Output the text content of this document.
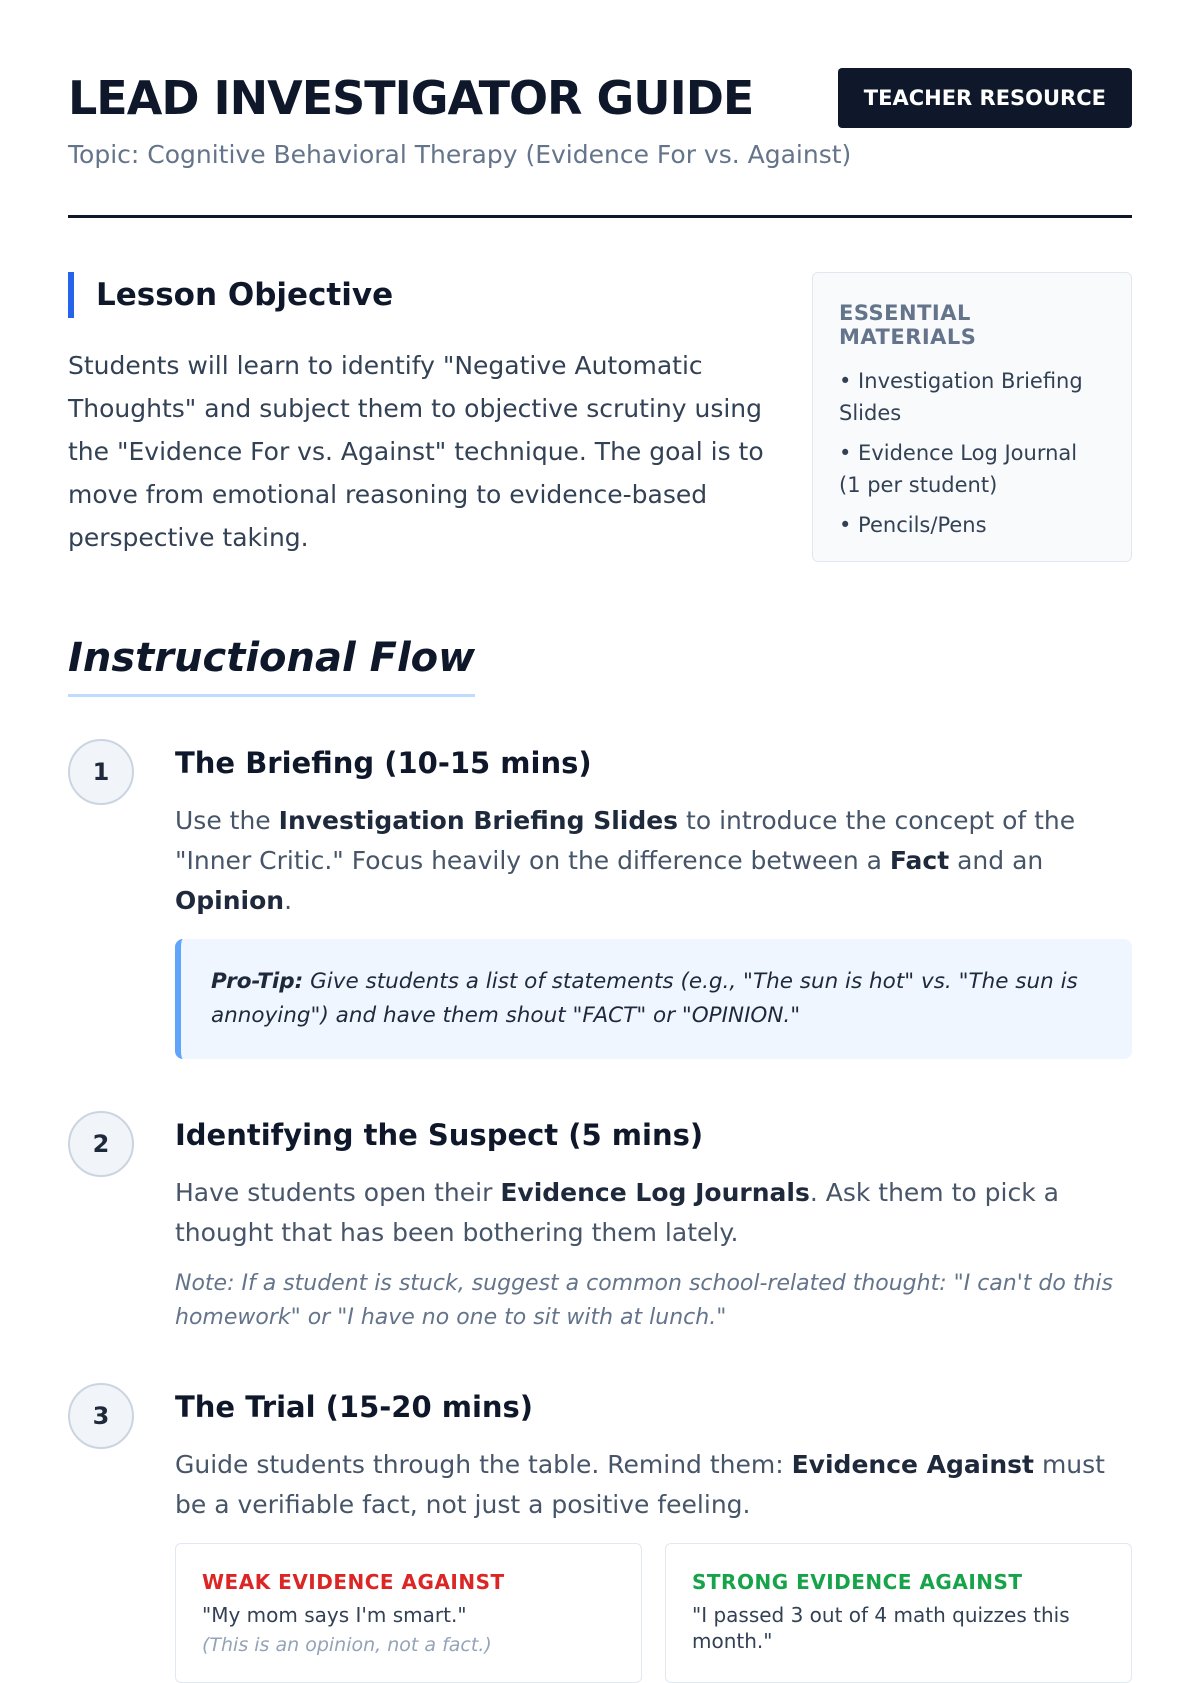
LEAD INVESTIGATOR GUIDE
Topic: Cognitive Behavioral Therapy (Evidence For vs. Against)
TEACHER RESOURCE
Lesson Objective

Students will learn to identify "Negative Automatic Thoughts" and subject them to objective scrutiny using the "Evidence For vs. Against" technique. The goal is to move from emotional reasoning to evidence-based perspective taking.

ESSENTIAL MATERIALS
• Investigation Briefing Slides
• Evidence Log Journal (1 per student)
• Pencils/Pens
Instructional Flow
1	The Briefing (10-15 mins)

Use the Investigation Briefing Slides to introduce the concept of the "Inner Critic." Focus heavily on the difference between a Fact and an Opinion.

Pro-Tip: Give students a list of statements (e.g., "The sun is hot" vs. "The sun is annoying") and have them shout "FACT" or "OPINION."
2	Identifying the Suspect (5 mins)

Have students open their Evidence Log Journals. Ask them to pick a thought that has been bothering them lately.

Note: If a student is stuck, suggest a common school-related thought: "I can't do this homework" or "I have no one to sit with at lunch."

3	The Trial (15-20 mins)

Guide students through the table. Remind them: Evidence Against must be a verifiable fact, not just a positive feeling.

WEAK EVIDENCE AGAINST
"My mom says I'm smart."
(This is an opinion, not a fact.)
STRONG EVIDENCE AGAINST
"I passed 3 out of 4 math quizzes this month."
